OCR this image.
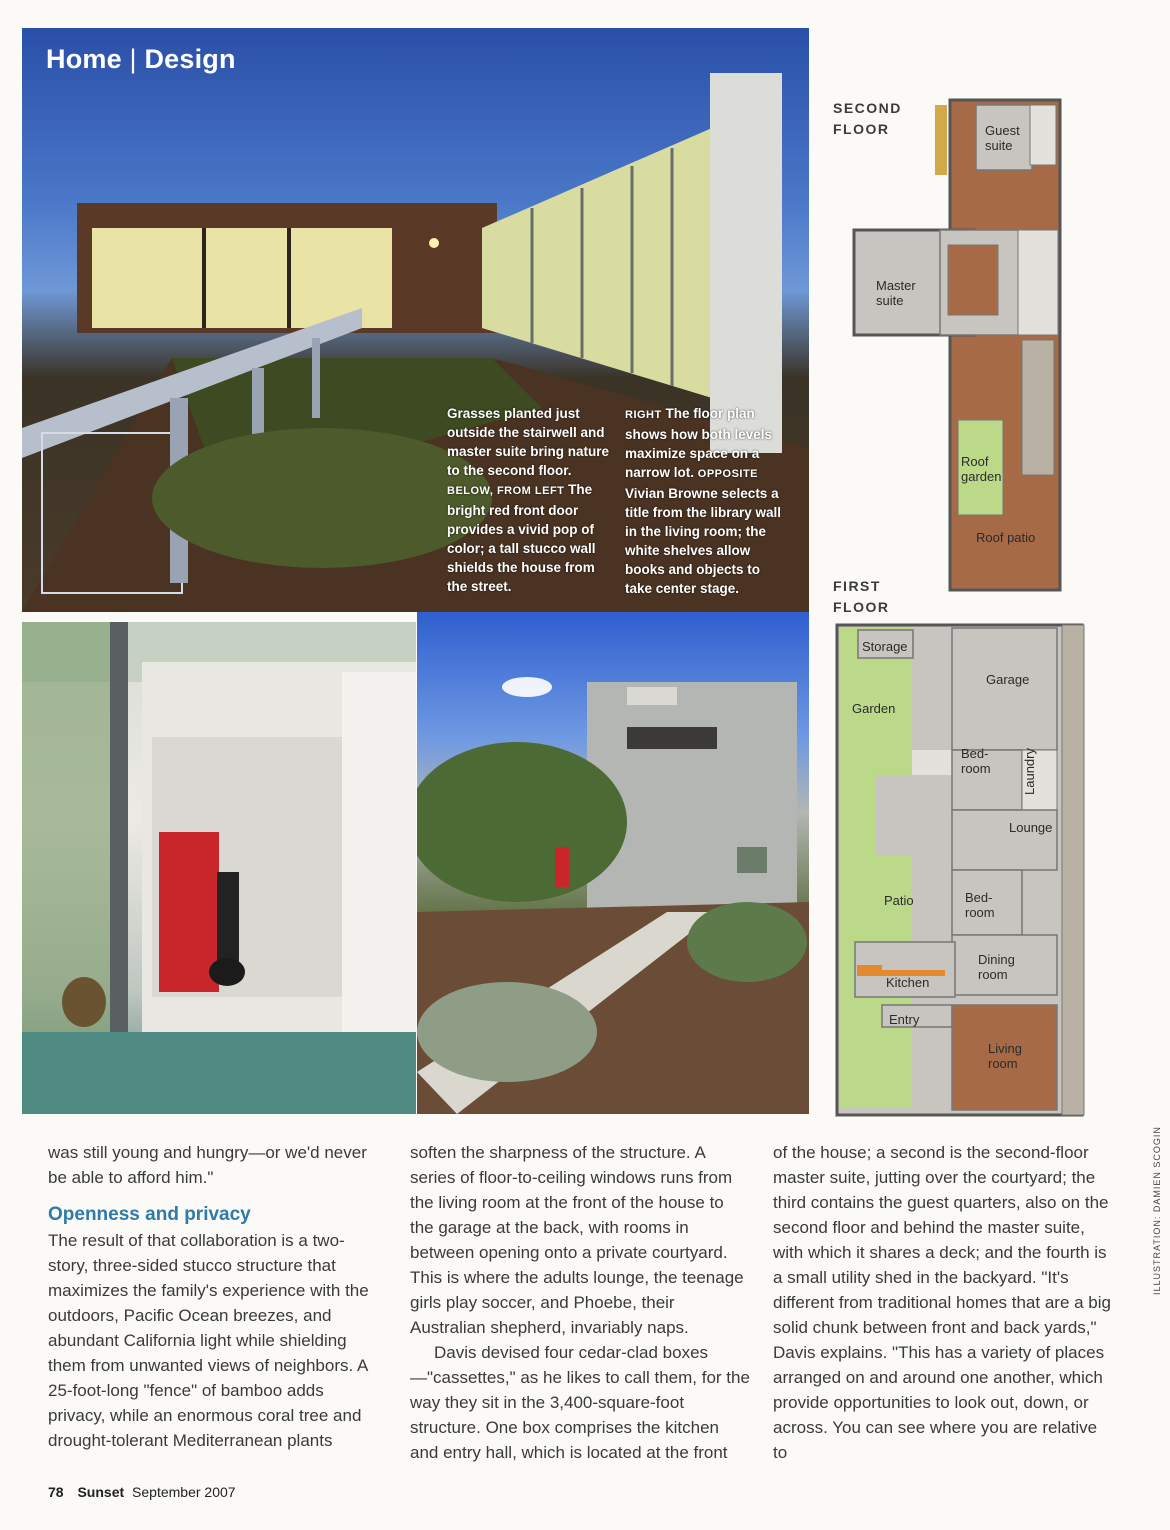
Home | Design
Grasses planted just outside the stairwell and master suite bring nature to the second floor. BELOW, FROM LEFT The bright red front door provides a vivid pop of color; a tall stucco wall shields the house from the street.
RIGHT The floor plan shows how both levels maximize space on a narrow lot. OPPOSITE Vivian Browne selects a title from the library wall in the living room; the white shelves allow books and objects to take center stage.
SECOND
FLOOR
FIRST
FLOOR
Guest
suite
Master
suite
Roof
garden
Roof patio
Storage
Garage
Garden
Bed-
room Laundry
Lounge
Patio	Bed-
room
Dining
room
Kitchen
Entry
Living
room

was still young and hungry—or we'd never be able to afford him."

Openness and privacy

The result of that collaboration is a two-story, three-sided stucco structure that maximizes the family's experience with the outdoors, Pacific Ocean breezes, and abundant California light while shielding them from unwanted views of neighbors. A 25-foot-long "fence" of bamboo adds privacy, while an enormous coral tree and drought-tolerant Mediterranean plants

soften the sharpness of the structure. A series of floor-to-ceiling windows runs from the living room at the front of the house to the garage at the back, with rooms in between opening onto a private courtyard. This is where the adults lounge, the teenage girls play soccer, and Phoebe, their Australian shepherd, invariably naps.

Davis devised four cedar-clad boxes—"cassettes," as he likes to call them, for the way they sit in the 3,400-square-foot structure. One box comprises the kitchen and entry hall, which is located at the front

of the house; a second is the second-floor master suite, jutting over the courtyard; the third contains the guest quarters, also on the second floor and behind the master suite, with which it shares a deck; and the fourth is a small utility shed in the backyard. "It's different from traditional homes that are a big solid chunk between front and back yards," Davis explains. "This has a variety of places arranged on and around one another, which provide opportunities to look out, down, or across. You can see where you are relative to

78 Sunset September 2007
ILLUSTRATION: DAMIEN SCOGIN
